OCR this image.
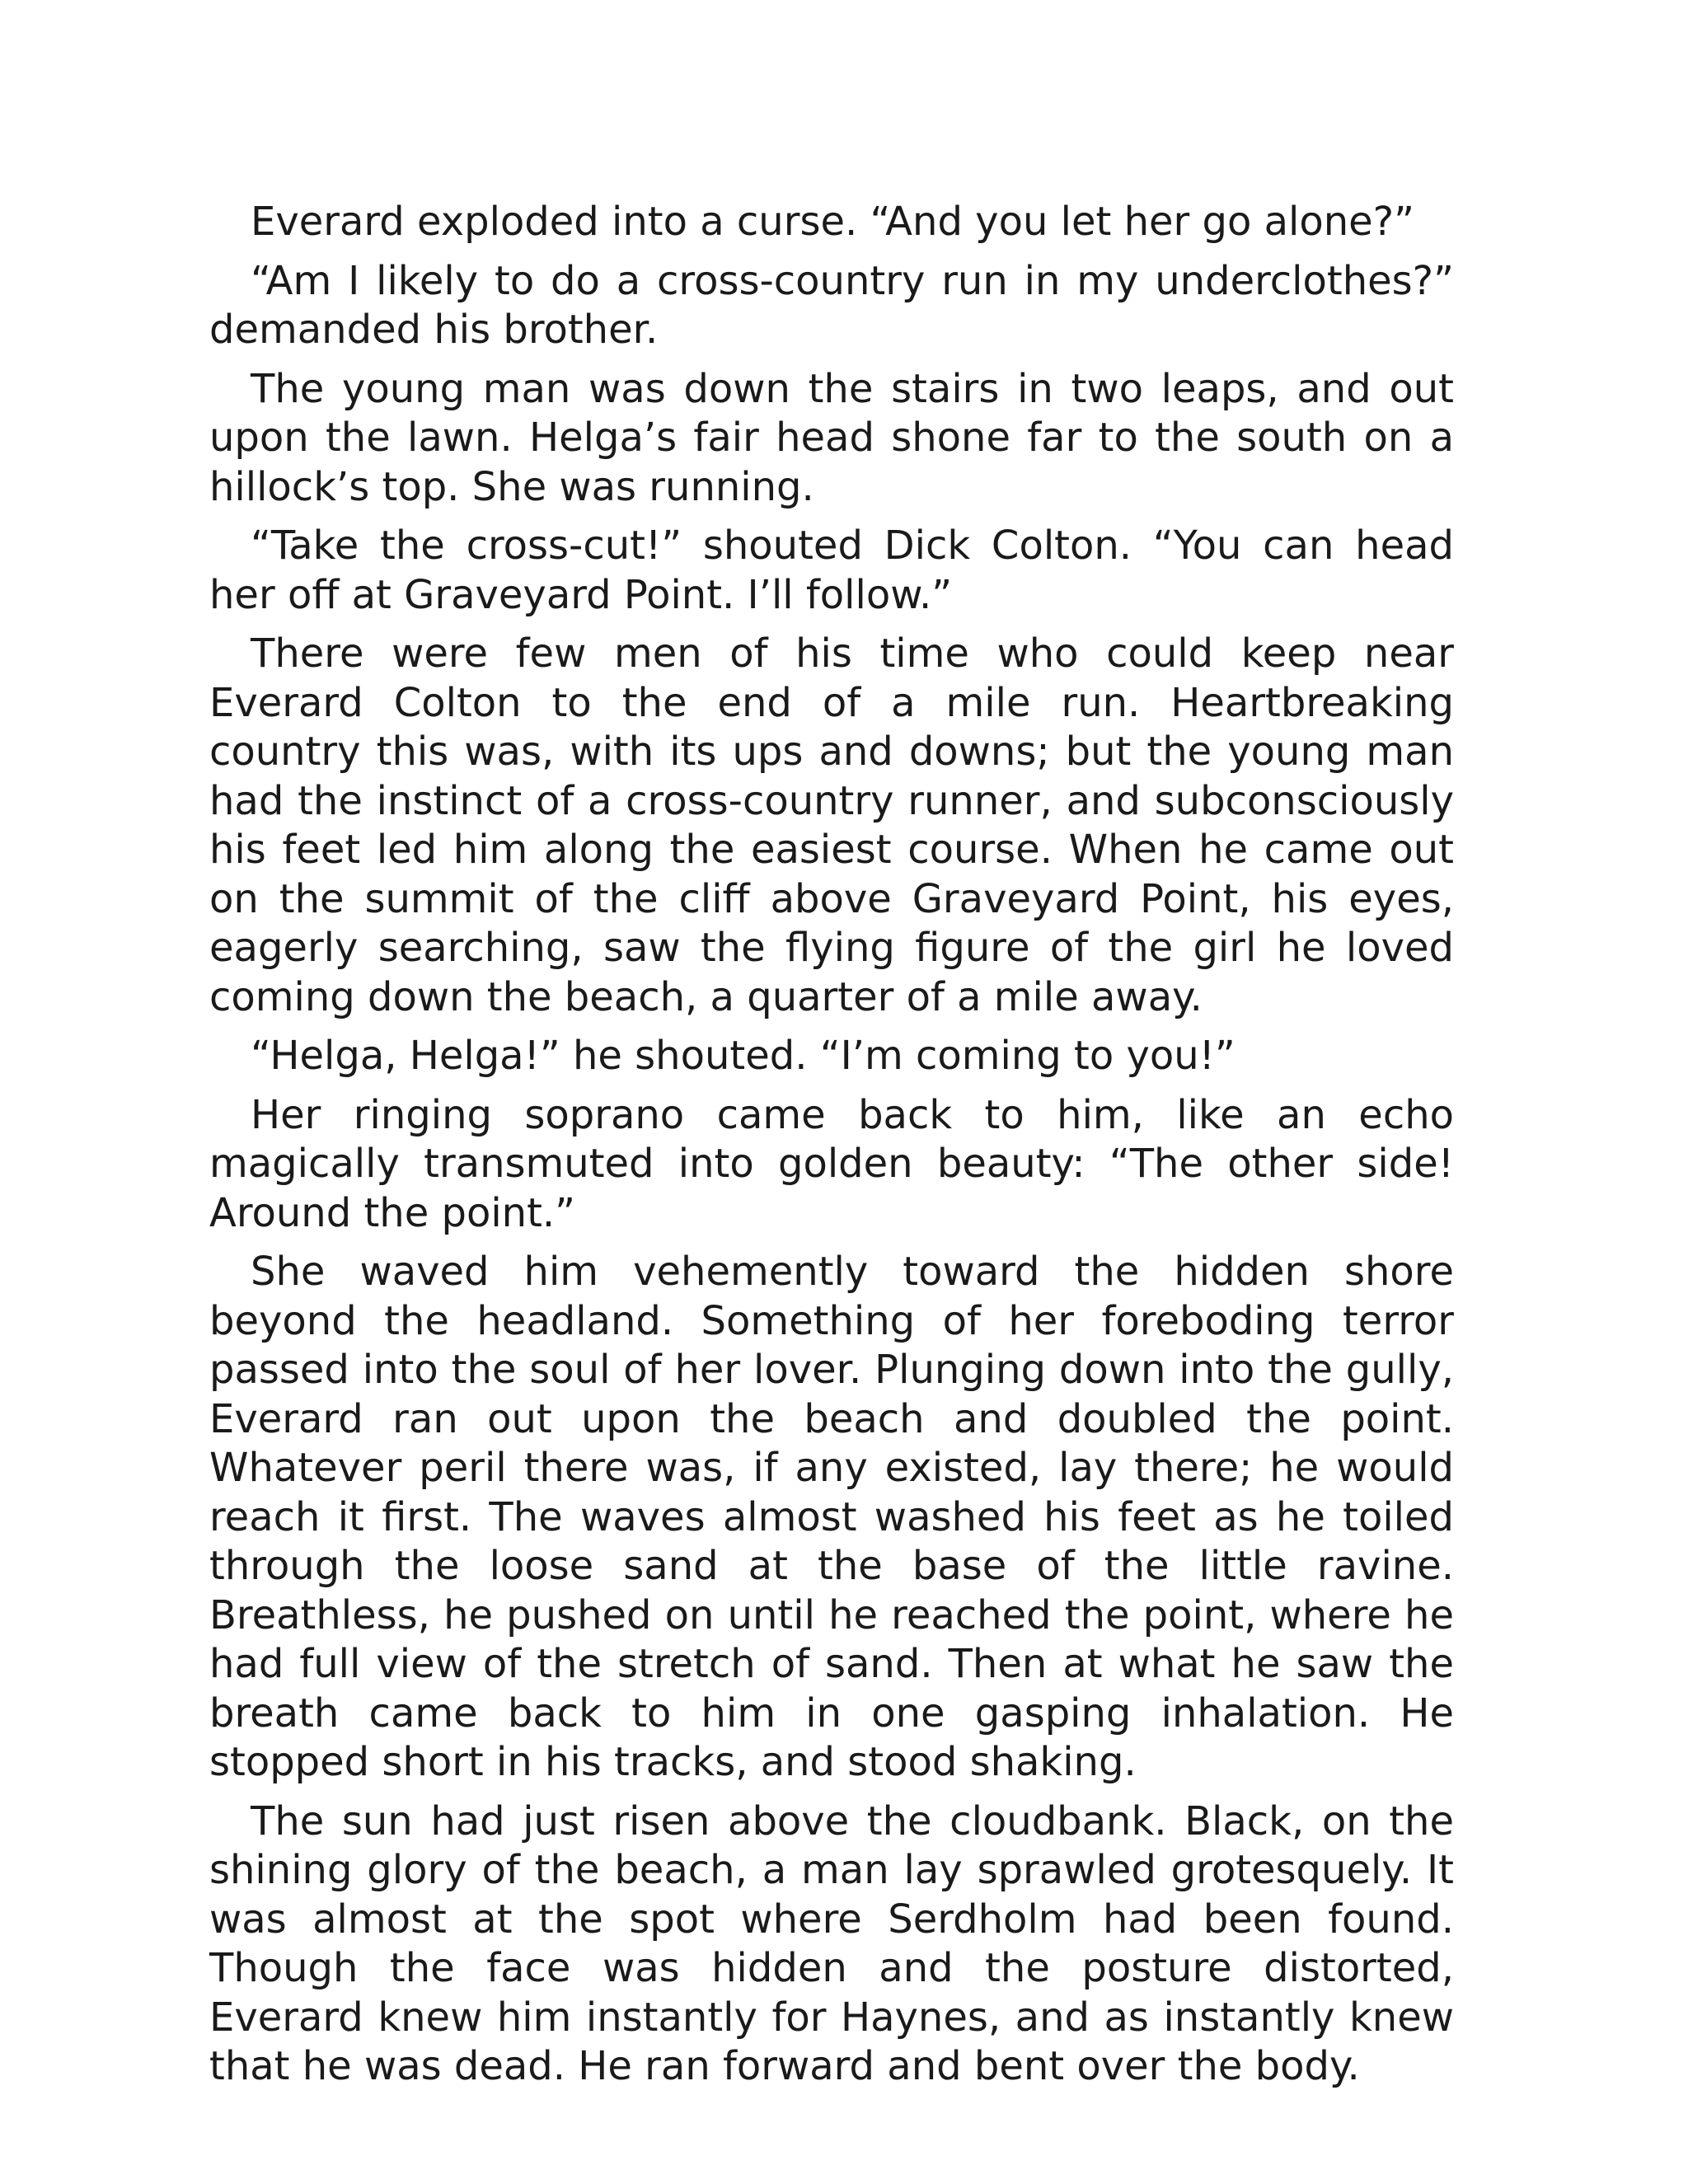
Everard exploded into a curse. “And you let her go alone?”

“Am I likely to do a cross-country run in my underclothes?” demanded his brother.

The young man was down the stairs in two leaps, and out upon the lawn. Helga’s fair head shone far to the south on a hillock’s top. She was running.

“Take the cross-cut!” shouted Dick Colton. “You can head her off at Graveyard Point. I’ll follow.”

There were few men of his time who could keep near Everard Colton to the end of a mile run. Heartbreaking country this was, with its ups and downs; but the young man had the instinct of a cross-country runner, and subconsciously his feet led him along the easiest course. When he came out on the summit of the cliff above Graveyard Point, his eyes, eagerly searching, saw the flying figure of the girl he loved coming down the beach, a quarter of a mile away.

“Helga, Helga!” he shouted. “I’m coming to you!”

Her ringing soprano came back to him, like an echo magically transmuted into golden beauty: “The other side! Around the point.”

She waved him vehemently toward the hidden shore beyond the headland. Something of her foreboding terror passed into the soul of her lover. Plunging down into the gully, Everard ran out upon the beach and doubled the point. Whatever peril there was, if any existed, lay there; he would reach it first. The waves almost washed his feet as he toiled through the loose sand at the base of the little ravine. Breathless, he pushed on until he reached the point, where he had full view of the stretch of sand. Then at what he saw the breath came back to him in one gasping inhalation. He stopped short in his tracks, and stood shaking.

The sun had just risen above the cloudbank. Black, on the shining glory of the beach, a man lay sprawled grotesquely. It was almost at the spot where Serdholm had been found. Though the face was hidden and the posture distorted, Everard knew him instantly for Haynes, and as instantly knew that he was dead. He ran forward and bent over the body.
